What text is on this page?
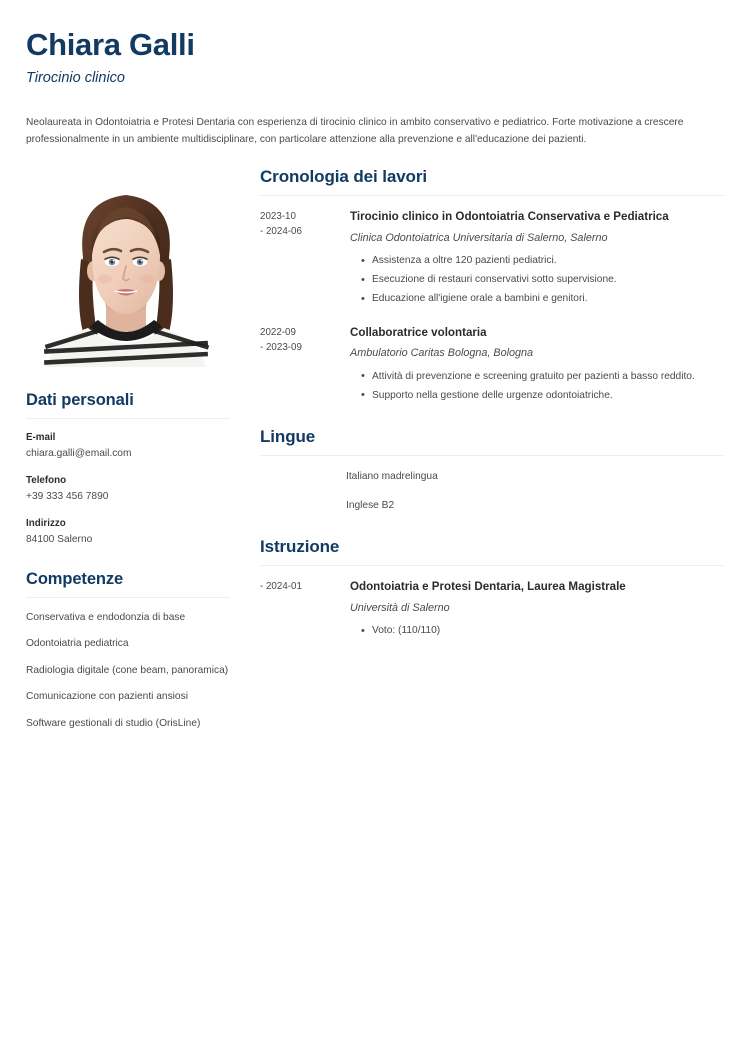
Chiara Galli
Tirocinio clinico

Neolaureata in Odontoiatria e Protesi Dentaria con esperienza di tirocinio clinico in ambito conservativo e pediatrico. Forte motivazione a crescere professionalmente in un ambiente multidisciplinare, con particolare attenzione alla prevenzione e all'educazione dei pazienti.

Dati personali
E-mail
chiara.galli@email.com
Telefono
+39 333 456 7890
Indirizzo
84100 Salerno
Competenze
Conservativa e endodonzia di base
Odontoiatria pediatrica
Radiologia digitale (cone beam, panoramica)
Comunicazione con pazienti ansiosi
Software gestionali di studio (OrisLine)
Cronologia dei lavori
2023-10
- 2024-06
Tirocinio clinico in Odontoiatria Conservativa e Pediatrica
Clinica Odontoiatrica Universitaria di Salerno, Salerno
• Assistenza a oltre 120 pazienti pediatrici.
• Esecuzione di restauri conservativi sotto supervisione.
• Educazione all'igiene orale a bambini e genitori.
2022-09
- 2023-09
Collaboratrice volontaria
Ambulatorio Caritas Bologna, Bologna
• Attività di prevenzione e screening gratuito per pazienti a basso reddito.
• Supporto nella gestione delle urgenze odontoiatriche.
Lingue
Italiano madrelingua
Inglese B2
Istruzione
- 2024-01	Odontoiatria e Protesi Dentaria, Laurea Magistrale
Università di Salerno
• Voto: (110/110)
